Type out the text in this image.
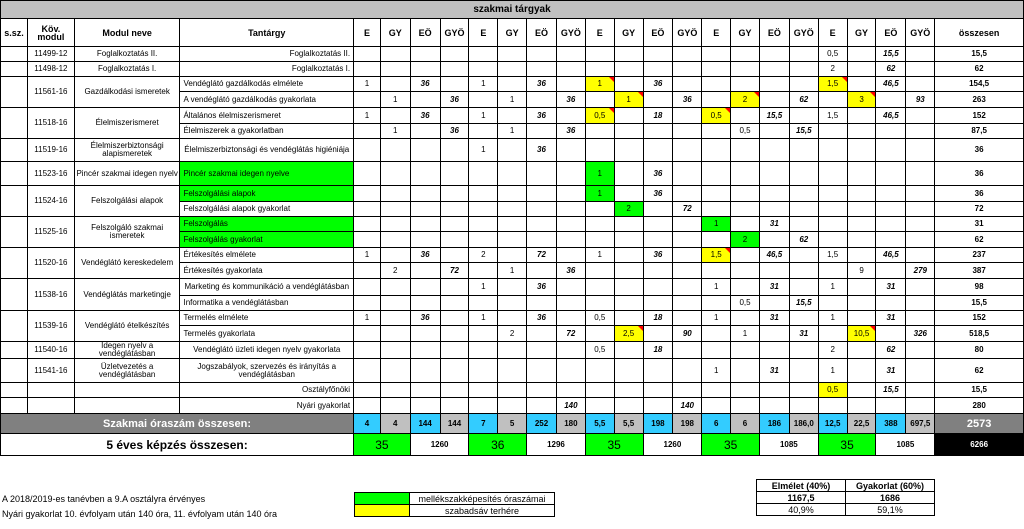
szakmai tárgyak																								
s.sz.	Köv. modul	Modul neve	Tantárgy	E	GY	EÖ	GYÖ	E	GY	EÖ	GYÖ	E	GY	EÖ	GYÖ	E	GY	EÖ	GYÖ	E	GY	EÖ	GYÖ	összesen
	11499-12	Foglalkoztatás II.	Foglalkoztatás II.																	0,5		15,5		15,5
	11498-12	Foglalkoztatás I.	Foglalkoztatás I.																	2		62		62
	11561-16	Gazdálkodási ismeretek	Vendéglátó gazdálkodás elmélete	1		36		1		36		1		36						1,5		46,5		154,5
			A vendéglátó gazdálkodás gyakorlata		1		36		1		36		1		36		2		62		3		93	263
	11518-16	Élelmiszerismeret	Általános élelmiszerismeret	1		36		1		36		0,5		18		0,5		15,5		1,5		46,5		152
			Élelmiszerek a gyakorlatban		1		36		1		36						0,5		15,5					87,5
	11519-16	Élelmiszerbiztonsági alapismeretek	Élelmiszerbiztonsági és vendéglátás higiéniája					1		36														36
	11523-16	Pincér szakmai idegen nyelv	Pincér szakmai idegen nyelve									1		36										36
	11524-16	Felszolgálási alapok	Felszolgálási alapok									1		36										36
			Felszolgálási alapok gyakorlat										2		72									72
	11525-16	Felszolgáló szakmai ismeretek	Felszolgálás													1		31						31
			Felszolgálás gyakorlat														2		62					62
	11520-16	Vendéglátó kereskedelem	Értékesítés elmélete	1		36		2		72		1		36		1,5		46,5		1,5		46,5		237
			Értékesítés gyakorlata		2		72		1		36										9		279	387
	11538-16	Vendéglátás marketingje	Marketing és kommunikáció a vendéglátásban					1		36						1		31		1		31		98
			Informatika a vendéglátásban														0,5		15,5					15,5
	11539-16	Vendéglátó ételkészítés	Termelés elmélete	1		36		1		36		0,5		18		1		31		1		31		152
			Termelés gyakorlata						2		72		2,5		90		1		31		10,5		326	518,5
	11540-16	Idegen nyelv a vendéglátásban	Vendéglátó üzleti idegen nyelv gyakorlata									0,5		18						2		62		80
	11541-16	Üzletvezetés a vendéglátásban	Jogszabályok, szervezés és irányítás a vendéglátásban													1		31		1		31		62
			Osztályfőnöki																	0,5		15,5		15,5
			Nyári gyakorlat								140				140									280
Szakmai óraszám összesen:				4	4	144	144	7	5	252	180	5,5	5,5	198	198	6	6	186	186,0	12,5	22,5	388	697,5	2573
5 éves képzés összesen:				35		1260		36		1296		35		1260		35		1085		35		1085		6266
A 2018/2019-es tanévben a 9.A osztályra érvényes
Nyári gyakorlat 10. évfolyam után 140 óra, 11. évfolyam után 140 óra
	mellékszakképesítés óraszámai
	szabadsáv terhére
Elmélet (40%)	Gyakorlat (60%)
1167,5	1686
40,9%	59,1%
